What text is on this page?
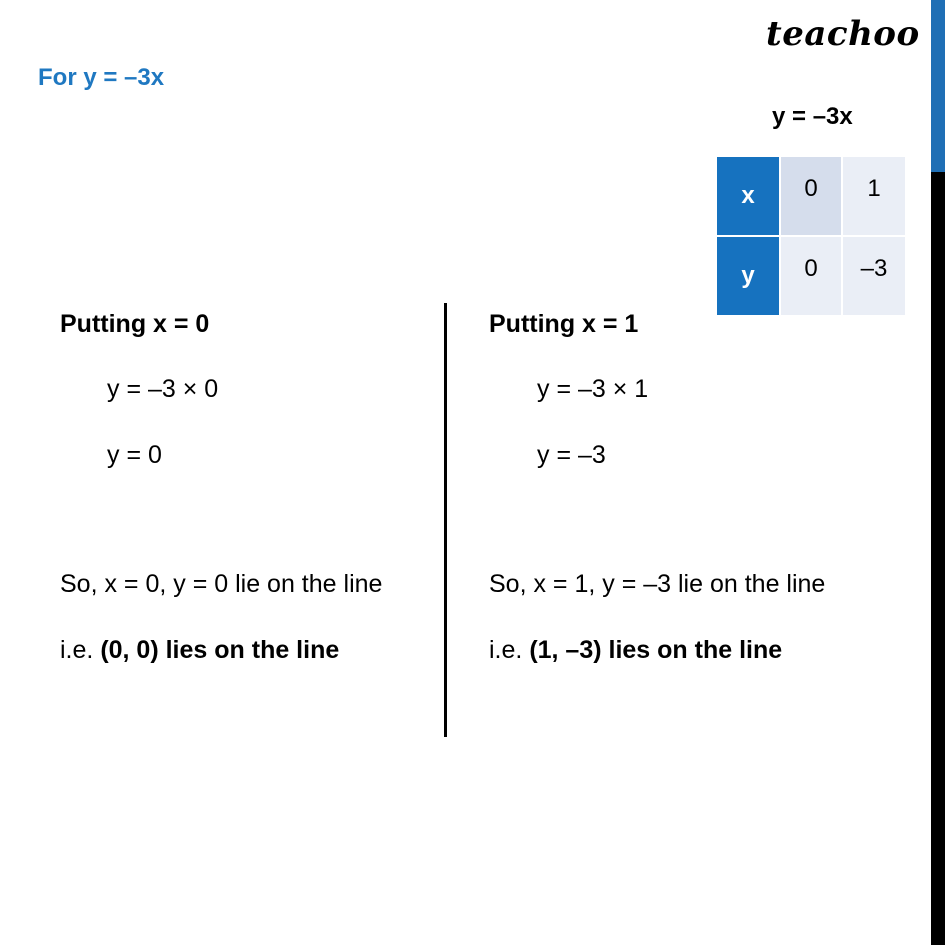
teachoo
For y = –3x
y = –3x
x	0	1
y	0	–3
Putting x = 0
y = –3 × 0
y = 0
So, x = 0, y = 0 lie on the line
i.e. (0, 0) lies on the line
Putting x = 1
y = –3 × 1
y = –3
So, x = 1, y = –3 lie on the line
i.e. (1, –3) lies on the line
